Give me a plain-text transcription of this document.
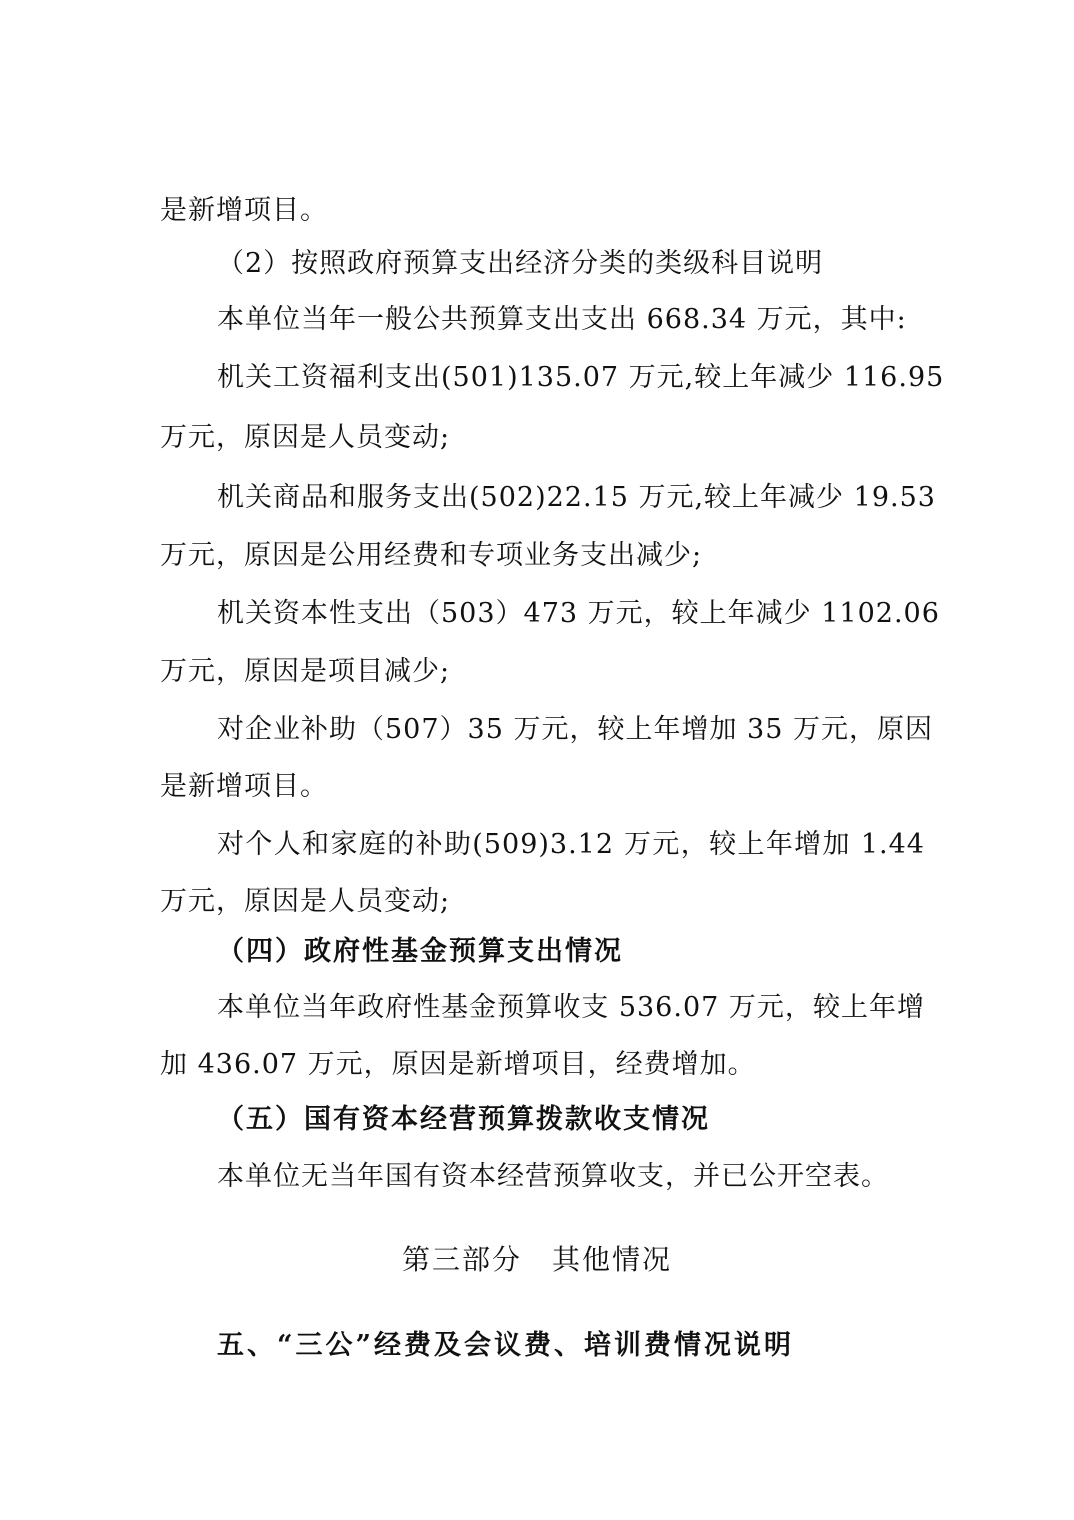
是新增项目。
（2）按照政府预算支出经济分类的类级科目说明
本单位当年一般公共预算支出支出 668.34 万元，其中:
机关工资福利支出(501)135.07 万元,较上年减少 116.95
万元，原因是人员变动;
机关商品和服务支出(502)22.15 万元,较上年减少 19.53
万元，原因是公用经费和专项业务支出减少;
机关资本性支出（503）473 万元，较上年减少 1102.06
万元，原因是项目减少;
对企业补助（507）35 万元，较上年增加 35 万元，原因
是新增项目。
对个人和家庭的补助(509)3.12 万元，较上年增加 1.44
万元，原因是人员变动;
（四）政府性基金预算支出情况
本单位当年政府性基金预算收支 536.07 万元，较上年增
加 436.07 万元，原因是新增项目，经费增加。
（五）国有资本经营预算拨款收支情况
本单位无当年国有资本经营预算收支，并已公开空表。
第三部分　其他情况
五、“三公”经费及会议费、培训费情况说明
